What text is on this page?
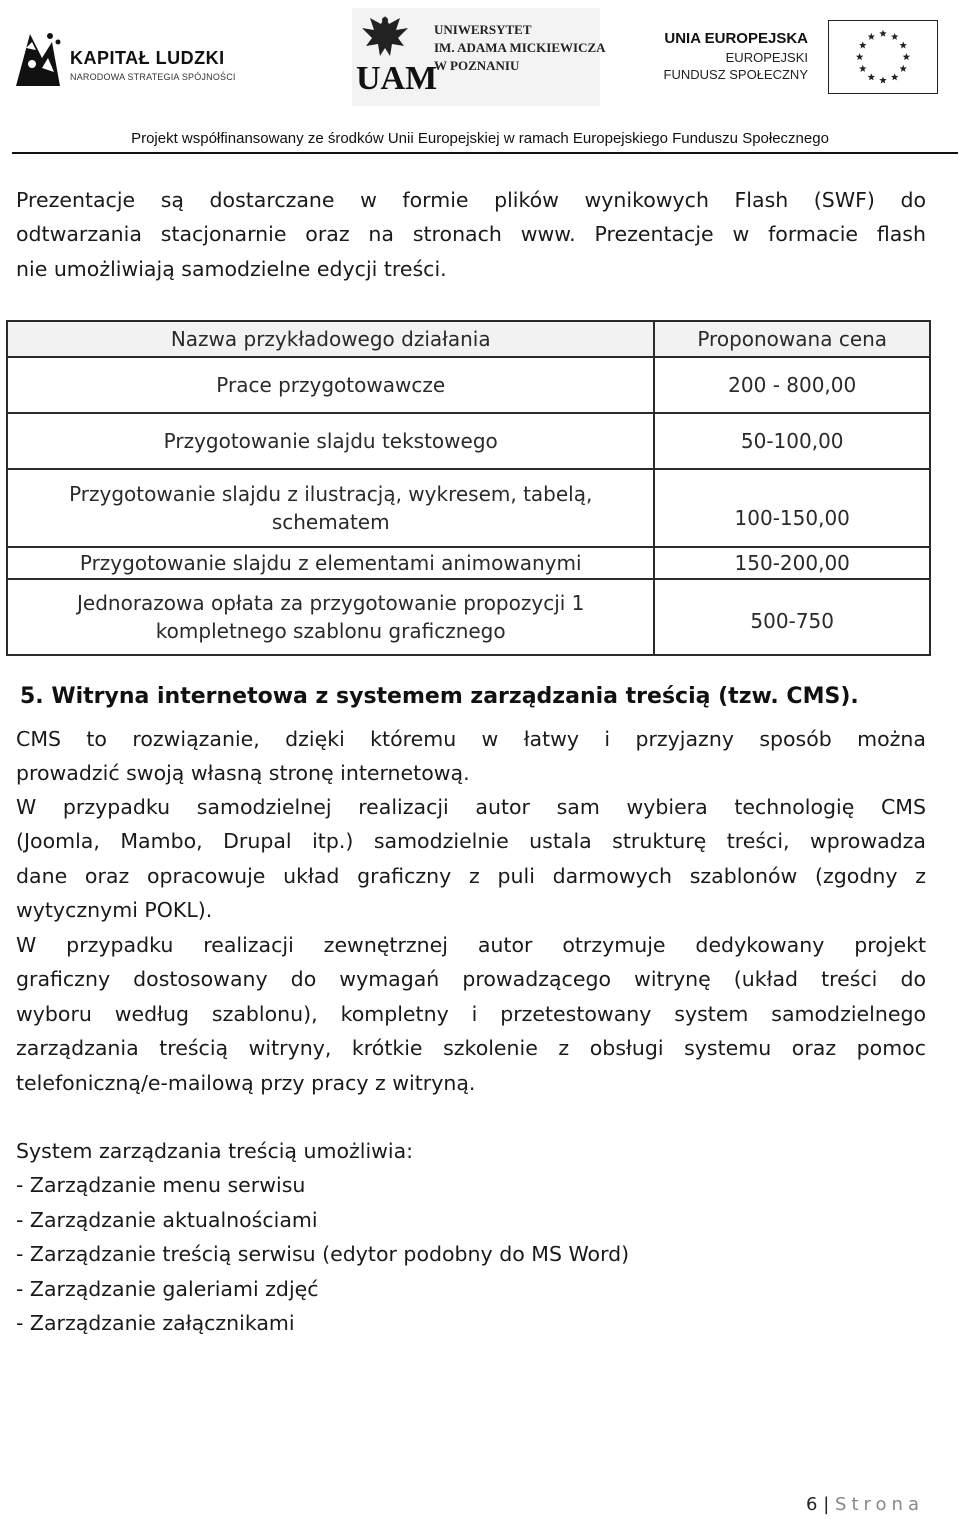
KAPITAŁ LUDZKI
NARODOWA STRATEGIA SPÓJNOŚCI	UAM
UNIWERSYTET
IM. ADAMA MICKIEWICZA
W POZNANIU
UNIA EUROPEJSKA
EUROPEJSKI
FUNDUSZ SPOŁECZNY
Projekt współfinansowany ze środków Unii Europejskiej w ramach Europejskiego Funduszu Społecznego
Prezentacje są dostarczane w formie plików wynikowych Flash (SWF) do
odtwarzania stacjonarnie oraz na stronach www. Prezentacje w formacie flash
nie umożliwiają samodzielne edycji treści.
Nazwa przykładowego działania	Proponowana cena
Prace przygotowawcze	200 - 800,00
Przygotowanie slajdu tekstowego	50-100,00

Przygotowanie slajdu z ilustracją, wykresem, tabelą,
schematem	100-150,00
Przygotowanie slajdu z elementami animowanymi	150-200,00

Jednorazowa opłata za przygotowanie propozycji 1
kompletnego szablonu graficznego	500-750
5. Witryna internetowa z systemem zarządzania treścią (tzw. CMS).
CMS to rozwiązanie, dzięki któremu w łatwy i przyjazny sposób można
prowadzić swoją własną stronę internetową.
W przypadku samodzielnej realizacji autor sam wybiera technologię CMS
(Joomla, Mambo, Drupal itp.) samodzielnie ustala strukturę treści, wprowadza
dane oraz opracowuje układ graficzny z puli darmowych szablonów (zgodny z
wytycznymi POKL).
W przypadku realizacji zewnętrznej autor otrzymuje dedykowany projekt
graficzny dostosowany do wymagań prowadzącego witrynę (układ treści do
wyboru według szablonu), kompletny i przetestowany system samodzielnego
zarządzania treścią witryny, krótkie szkolenie z obsługi systemu oraz pomoc
telefoniczną/e-mailową przy pracy z witryną.
System zarządzania treścią umożliwia:
- Zarządzanie menu serwisu
- Zarządzanie aktualnościami
- Zarządzanie treścią serwisu (edytor podobny do MS Word)
- Zarządzanie galeriami zdjęć
- Zarządzanie załącznikami
6 | Strona
